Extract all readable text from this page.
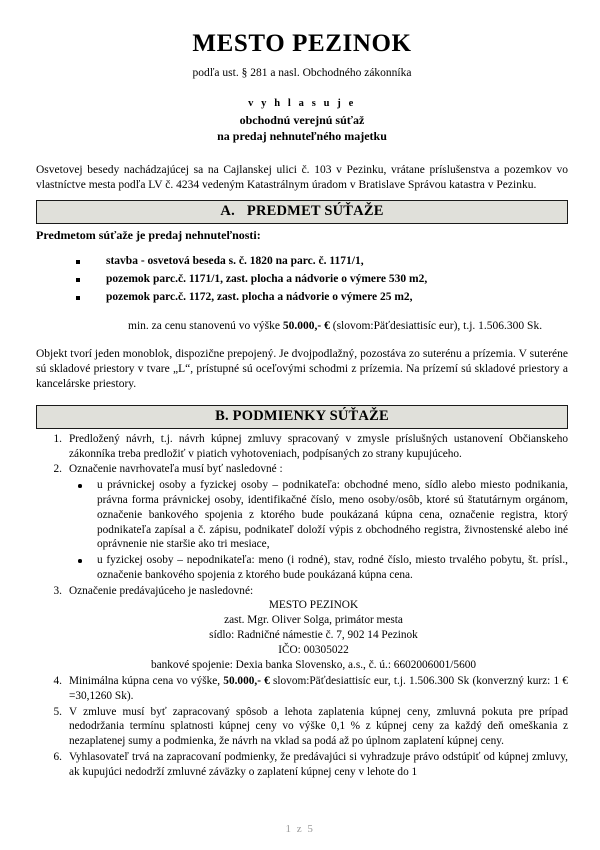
MESTO PEZINOK
podľa ust. § 281 a nasl. Obchodného zákonníka
v y h l a s u j e
obchodnú verejnú súťaž
na predaj nehnuteľného majetku
Osvetovej besedy nachádzajúcej sa na Cajlanskej ulici č. 103 v Pezinku, vrátane príslušenstva a pozemkov vo vlastníctve mesta podľa LV č. 4234 vedeným Katastrálnym úradom v Bratislave Správou katastra v Pezinku.
A. PREDMET SÚŤAŽE
Predmetom súťaže je predaj nehnuteľnosti:
stavba - osvetová beseda s. č. 1820 na parc. č. 1171/1,
pozemok parc.č. 1171/1, zast. plocha a nádvorie o výmere 530 m2,
pozemok parc.č. 1172, zast. plocha a nádvorie o výmere 25 m2,
min. za cenu stanovenú vo výške 50.000,- € (slovom:Päťdesiattisíc eur), t.j. 1.506.300 Sk.
Objekt tvorí jeden monoblok, dispozične prepojený. Je dvojpodlažný, pozostáva zo suterénu a prízemia. V suteréne sú skladové priestory v tvare „L“, prístupné sú oceľovými schodmi z prízemia. Na prízemí sú skladové priestory a kancelárske priestory.
B. PODMIENKY SÚŤAŽE
Predložený návrh, t.j. návrh kúpnej zmluvy spracovaný v zmysle príslušných ustanovení Občianskeho zákonníka treba predložiť v piatich vyhotoveniach, podpísaných zo strany kupujúceho.
Označenie navrhovateľa musí byť nasledovné :
u právnickej osoby a fyzickej osoby – podnikateľa: obchodné meno, sídlo alebo miesto podnikania, právna forma právnickej osoby, identifikačné číslo, meno osoby/osôb, ktoré sú štatutárnym orgánom, označenie bankového spojenia z ktorého bude poukázaná kúpna cena, označenie registra, ktorý podnikateľa zapísal a č. zápisu, podnikateľ doloží výpis z obchodného registra, živnostenské alebo iné oprávnenie nie staršie ako tri mesiace,
u fyzickej osoby – nepodnikateľa: meno (i rodné), stav, rodné číslo, miesto trvalého pobytu, št. prísl., označenie bankového spojenia z ktorého bude poukázaná kúpna cena.
Označenie predávajúceho je nasledovné:
MESTO PEZINOK
zast. Mgr. Oliver Solga, primátor mesta
sídlo: Radničné námestie č. 7, 902 14 Pezinok
IČO: 00305022
bankové spojenie: Dexia banka Slovensko, a.s., č. ú.: 6602006001/5600
Minimálna kúpna cena vo výške, 50.000,- € slovom:Päťdesiattisíc eur, t.j. 1.506.300 Sk (konverzný kurz: 1 € =30,1260 Sk).
V zmluve musí byť zapracovaný spôsob a lehota zaplatenia kúpnej ceny, zmluvná pokuta pre prípad nedodržania termínu splatnosti kúpnej ceny vo výške 0,1 % z kúpnej ceny za každý deň omeškania z nezaplatenej sumy a podmienka, že návrh na vklad sa podá až po úplnom zaplatení kúpnej ceny.
Vyhlasovateľ trvá na zapracovaní podmienky, že predávajúci si vyhradzuje právo odstúpiť od kúpnej zmluvy, ak kupujúci nedodrží zmluvné záväzky o zaplatení kúpnej ceny v lehote do 1
1 z 5
